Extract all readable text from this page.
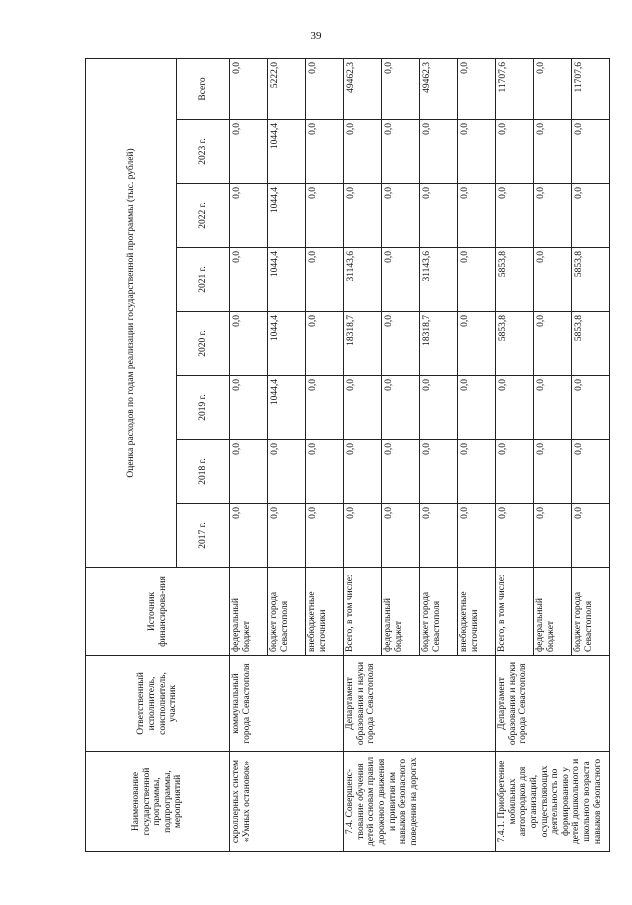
39
Наименование государственной программы, подпрограммы, мероприятий	Ответственный исполнитель, соисполнитель, участник	Источник финансирова-ния	Оценка расходов по годам реализации государственной программы (тыс. рублей)							
			2017 г.	2018 г.	2019 г.	2020 г.	2021 г.	2022 г.	2023 г.	Всего
скроллерных систем «Умных остановок»	коммунальный города Севастополя	федеральный бюджет	0,0	0,0	0,0	0,0	0,0	0,0	0,0	0,0
		бюджет города Севастополя	0,0	0,0	1044,4	1044,4	1044,4	1044,4	1044,4	5222,0
		внебюджетные источники	0,0	0,0	0,0	0,0	0,0	0,0	0,0	0,0
7.4. Совершенс-твование обучения детей основам правил дорожного движения и привития им навыков безопасного поведения на дорогах	Департамент образования и науки города Севастополя	Всего, в том числе:	0,0	0,0	0,0	18318,7	31143,6	0,0	0,0	49462,3
		федеральный бюджет	0,0	0,0	0,0	0,0	0,0	0,0	0,0	0,0
		бюджет города Севастополя	0,0	0,0	0,0	18318,7	31143,6	0,0	0,0	49462,3
		внебюджетные источники	0,0	0,0	0,0	0,0	0,0	0,0	0,0	0,0
7.4.1. Приобретение мобильных автогородков для организаций, осуществляющих деятельность по формированию у детей дошкольного и школьного возраста навыков безопасного	Департамент образования и науки города Севастополя	Всего, в том числе:	0,0	0,0	0,0	5853,8	5853,8	0,0	0,0	11707,6
		федеральный бюджет	0,0	0,0	0,0	0,0	0,0	0,0	0,0	0,0
		бюджет города Севастополя	0,0	0,0	0,0	5853,8	5853,8	0,0	0,0	11707,6
